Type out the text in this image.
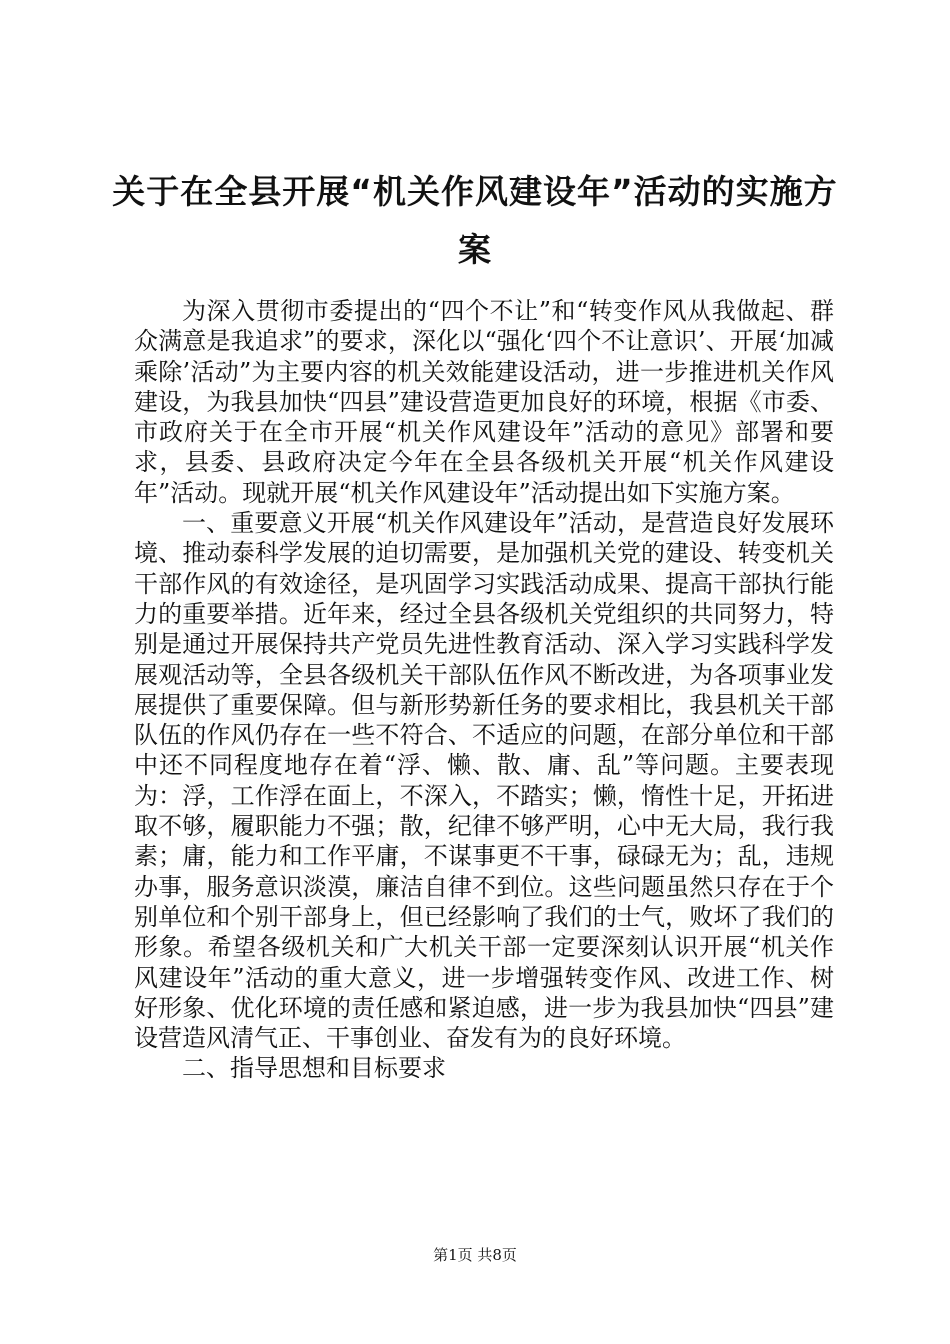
关于在全县开展“机关作风建设年”活动的实施方案

为深入贯彻市委提出的“四个不让”和“转变作风从我做起、群众满意是我追求”的要求，深化以“强化‘四个不让意识’、开展‘加减乘除’活动”为主要内容的机关效能建设活动，进一步推进机关作风建设，为我县加快“四县”建设营造更加良好的环境，根据《市委、市政府关于在全市开展“机关作风建设年”活动的意见》部署和要求，县委、县政府决定今年在全县各级机关开展“机关作风建设年”活动。现就开展“机关作风建设年”活动提出如下实施方案。

一、重要意义开展“机关作风建设年”活动，是营造良好发展环境、推动泰科学发展的迫切需要，是加强机关党的建设、转变机关干部作风的有效途径，是巩固学习实践活动成果、提高干部执行能力的重要举措。近年来，经过全县各级机关党组织的共同努力，特别是通过开展保持共产党员先进性教育活动、深入学习实践科学发展观活动等，全县各级机关干部队伍作风不断改进，为各项事业发展提供了重要保障。但与新形势新任务的要求相比，我县机关干部队伍的作风仍存在一些不符合、不适应的问题，在部分单位和干部中还不同程度地存在着“浮、懒、散、庸、乱”等问题。主要表现为：浮，工作浮在面上，不深入，不踏实；懒，惰性十足，开拓进取不够，履职能力不强；散，纪律不够严明，心中无大局，我行我素；庸，能力和工作平庸，不谋事更不干事，碌碌无为；乱，违规办事，服务意识淡漠，廉洁自律不到位。这些问题虽然只存在于个别单位和个别干部身上，但已经影响了我们的士气，败坏了我们的形象。希望各级机关和广大机关干部一定要深刻认识开展“机关作风建设年”活动的重大意义，进一步增强转变作风、改进工作、树好形象、优化环境的责任感和紧迫感，进一步为我县加快“四县”建设营造风清气正、干事创业、奋发有为的良好环境。

二、指导思想和目标要求

第1页 共8页
